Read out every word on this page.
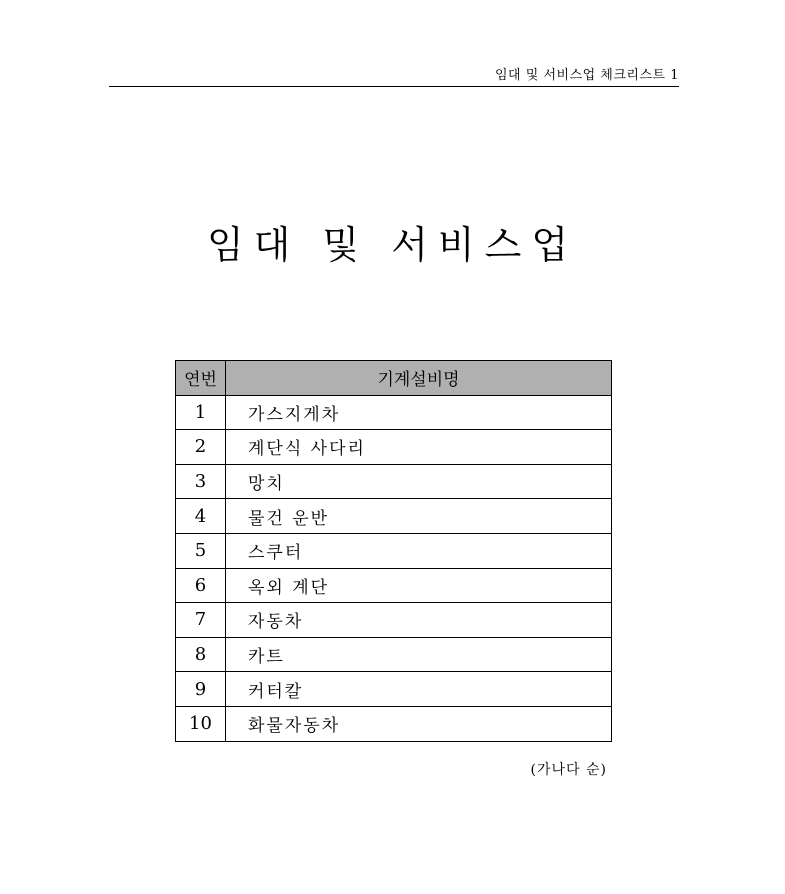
임대 및 서비스업 체크리스트 1
임대 및 서비스업
연번	기계설비명
1	가스지게차
2	계단식 사다리
3	망치
4	물건 운반
5	스쿠터
6	옥외 계단
7	자동차
8	카트
9	커터칼
10	화물자동차
(가나다 순)
